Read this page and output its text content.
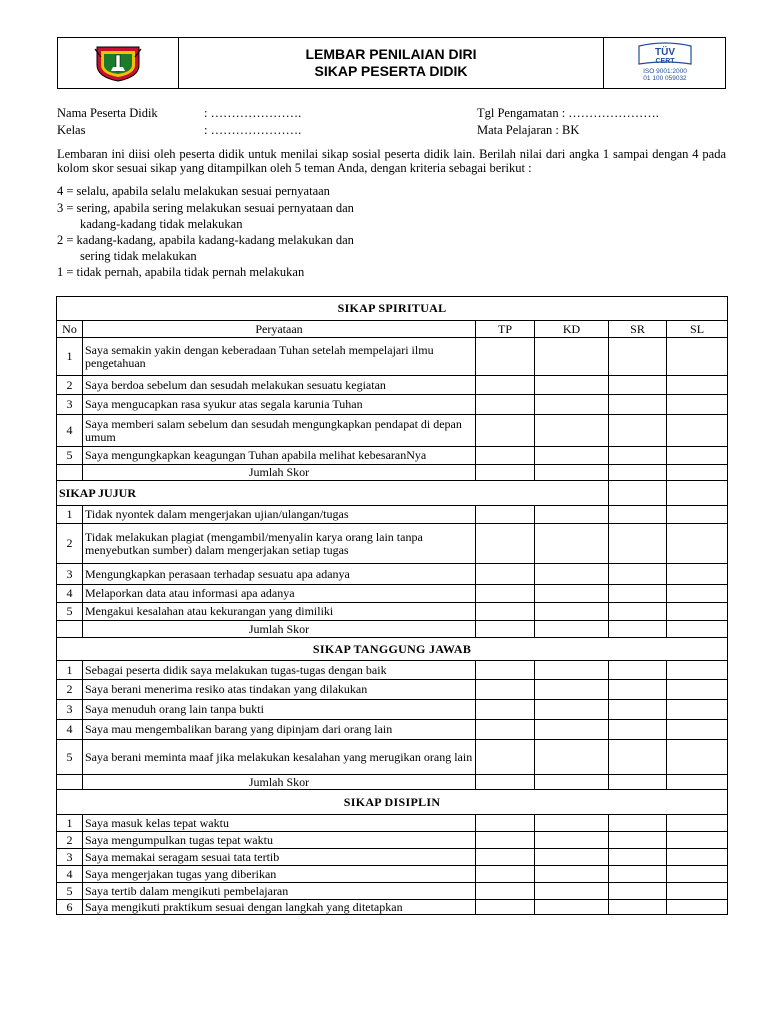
LEMBAR PENILAIAN DIRI
SIKAP PESERTA DIDIK
TÜV
CERT
ISO 9001:2000
01 100 059032
Nama Peserta Didik	: ………………….
Kelas	: ………………….
Tgl Pengamatan : ………………….
Mata Pelajaran : BK
Lembaran ini diisi oleh peserta didik untuk menilai sikap sosial peserta didik lain. Berilah nilai dari angka 1 sampai dengan 4 pada kolom skor sesuai sikap yang ditampilkan oleh 5 teman Anda, dengan kriteria sebagai berikut :
4 = selalu, apabila selalu melakukan sesuai pernyataan
3 = sering, apabila sering melakukan sesuai pernyataan dan
kadang-kadang tidak melakukan
2 = kadang-kadang, apabila kadang-kadang melakukan dan
sering tidak melakukan
1 = tidak pernah, apabila tidak pernah melakukan
SIKAP SPIRITUAL					
No	Peryataan	TP	KD	SR	SL
1	Saya semakin yakin dengan keberadaan Tuhan setelah mempelajari ilmu pengetahuan				
2	Saya berdoa sebelum dan sesudah melakukan sesuatu kegiatan				
3	Saya mengucapkan rasa syukur atas segala karunia Tuhan				
4	Saya memberi salam sebelum dan sesudah mengungkapkan pendapat di depan umum				
5	Saya mengungkapkan keagungan Tuhan apabila melihat kebesaranNya				
	Jumlah Skor				
SIKAP JUJUR					
1	Tidak nyontek dalam mengerjakan ujian/ulangan/tugas				
2	Tidak melakukan plagiat (mengambil/menyalin karya orang lain tanpa menyebutkan sumber) dalam mengerjakan setiap tugas				
3	Mengungkapkan perasaan terhadap sesuatu apa adanya				
4	Melaporkan data atau informasi apa adanya				
5	Mengakui kesalahan atau kekurangan yang dimiliki				
	Jumlah Skor				
SIKAP TANGGUNG JAWAB					
1	Sebagai peserta didik saya melakukan tugas-tugas dengan baik				
2	Saya berani menerima resiko atas tindakan yang dilakukan				
3	Saya menuduh orang lain tanpa bukti				
4	Saya mau mengembalikan barang yang dipinjam dari orang lain				
5	Saya berani meminta maaf jika melakukan kesalahan yang merugikan orang lain				
	Jumlah Skor				
SIKAP DISIPLIN					
1	Saya masuk kelas tepat waktu				
2	Saya mengumpulkan tugas tepat waktu				
3	Saya memakai seragam sesuai tata tertib				
4	Saya mengerjakan tugas yang diberikan				
5	Saya tertib dalam mengikuti pembelajaran				
6	Saya mengikuti praktikum sesuai dengan langkah yang ditetapkan				
